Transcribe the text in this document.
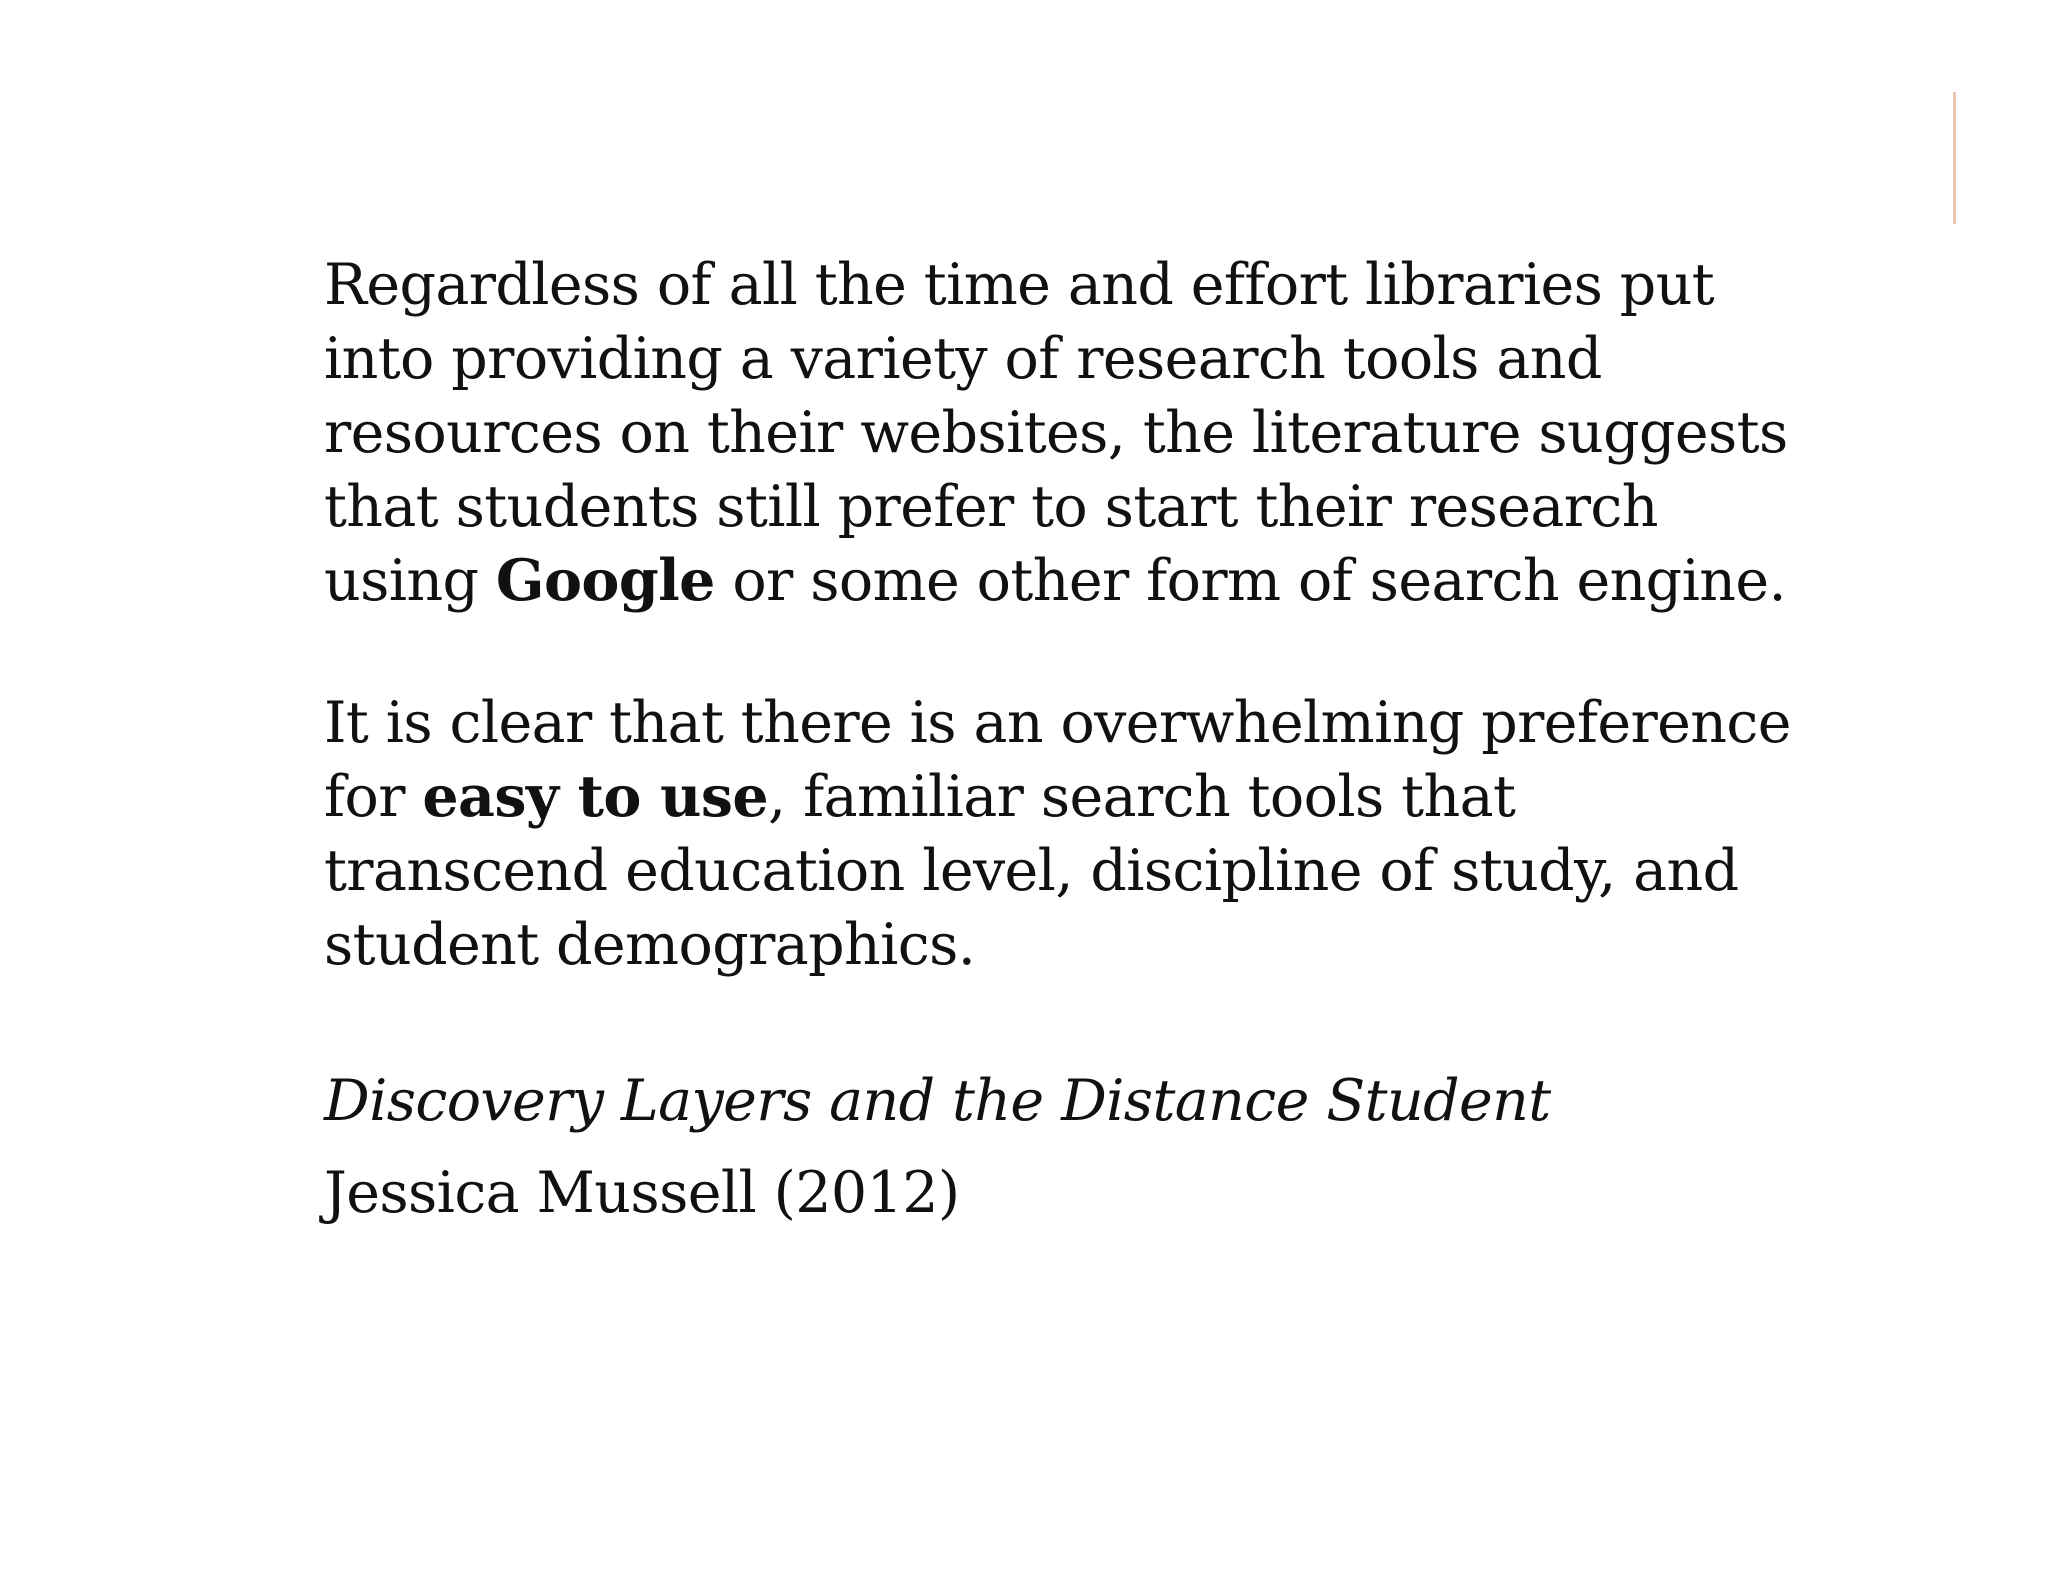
Regardless of all the time and effort libraries put
into providing a variety of research tools and
resources on their websites, the literature suggests
that students still prefer to start their research
using Google or some other form of search engine.

It is clear that there is an overwhelming preference
for easy to use, familiar search tools that
transcend education level, discipline of study, and
student demographics.

Discovery Layers and the Distance Student

Jessica Mussell (2012)
